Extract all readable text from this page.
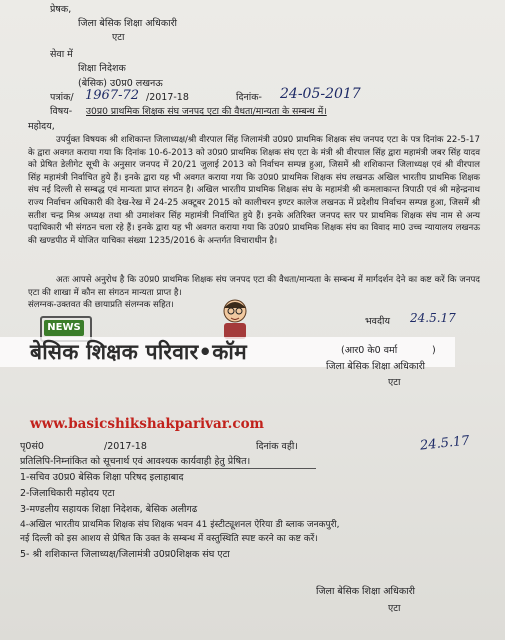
प्रेषक,
जिला बेसिक शिक्षा अधिकारी
एटा
सेवा में
शिक्षा निदेशक
(बेसिक) उ0प्र0 लखनऊ
पत्रांक/ 1967-72 /2017-18	दिनांक- 24-05-2017
विषय- उ0प्र0 प्राथमिक शिक्षक संघ जनपद एटा की वैधता/मान्यता के सम्बन्ध में।
महोदय,
उपर्युक्त विषयक श्री शशिकान्त जिलाध्यक्ष/श्री वीरपाल सिंह जिलामंत्री उ0प्र0 प्राथमिक शिक्षक संघ जनपद एटा के पत्र दिनांक 22-5-17 के द्वारा अवगत कराया गया कि दिनांक 10-6-2013 को उ0प्र0 प्राथमिक शिक्षक संघ एटा के मंत्री श्री वीरपाल सिंह द्वारा महामंत्री जबर सिंह यादव को प्रेषित डेलीगेट सूची के अनुसार जनपद में 20/21 जुलाई 2013 को निर्वाचन सम्पन्न हुआ, जिसमें श्री शशिकान्त जिलाध्यक्ष एवं श्री वीरपाल सिंह महामंत्री निर्वाचित हुये हैं। इनके द्वारा यह भी अवगत कराया गया कि उ0प्र0 प्राथमिक शिक्षक संघ लखनऊ अखिल भारतीय प्राथमिक शिक्षक संघ नई दिल्ली से सम्बद्ध एवं मान्यता प्राप्त संगठन है। अखिल भारतीय प्राथमिक शिक्षक संघ के महामंत्री श्री कमलाकान्त त्रिपाठी एवं श्री महेन्द्रनाथ राज्य निर्वाचन अधिकारी की देख-रेख में 24-25 अक्टूबर 2015 को कालीचरन इण्टर कालेज लखनऊ में प्रदेशीय निर्वाचन सम्पन्न हुआ, जिसमें श्री सतीश चन्द्र मिश्र अध्यक्ष तथा श्री उमाशंकर सिंह महामंत्री निर्वाचित हुये हैं। इनके अतिरिक्त जनपद स्तर पर प्राथमिक शिक्षक संघ नाम से अन्य पदाधिकारी भी संगठन चला रहे हैं। इनके द्वारा यह भी अवगत कराया गया कि उ0प्र0 प्राथमिक शिक्षक संघ का विवाद मा0 उच्च न्यायालय लखनऊ की खण्डपीठ में योजित याचिका संख्या 1235/2016 के अन्तर्गत विचाराधीन है।
अतः आपसे अनुरोध है कि उ0प्र0 प्राथमिक शिक्षक संघ जनपद एटा की वैधता/मान्यता के सम्बन्ध में मार्गदर्शन देने का कष्ट करें कि जनपद एटा की शाखा में कौन सा संगठन मान्यता प्राप्त है।
संलग्नक-उक्तवत की छायाप्रति संलग्नक सहित।
NEWS
बेसिक शिक्षक परिवार•कॉम
www.basicshikshakparivar.com
भवदीय 24.5.17
(आर0 के0 वर्मा	)
जिला बेसिक शिक्षा अधिकारी
एटा
पृ0सं0	/2017-18	दिनांक वही।	24.5.17
प्रतिलिपि-निम्नांकित को सूचनार्थ एवं आवश्यक कार्यवाही हेतु प्रेषित।
1-सचिव उ0प्र0 बेसिक शिक्षा परिषद इलाहाबाद
2-जिलाधिकारी महोदय एटा
3-मण्डलीय सहायक शिक्षा निदेशक, बेसिक अलीगढ
4-अखिल भारतीय प्राथमिक शिक्षक संघ शिक्षक भवन 41 इंस्टीट्यूशनल ऐरिया डी ब्लाक जनकपुरी,
नई दिल्ली को इस आशय से प्रेषित कि उक्त के सम्बन्ध में वस्तुस्थिति स्पष्ट करने का कष्ट करें।
5- श्री शशिकान्त जिलाध्यक्ष/जिलामंत्री उ0प्र0शिक्षक संघ एटा
जिला बेसिक शिक्षा अधिकारी
एटा
